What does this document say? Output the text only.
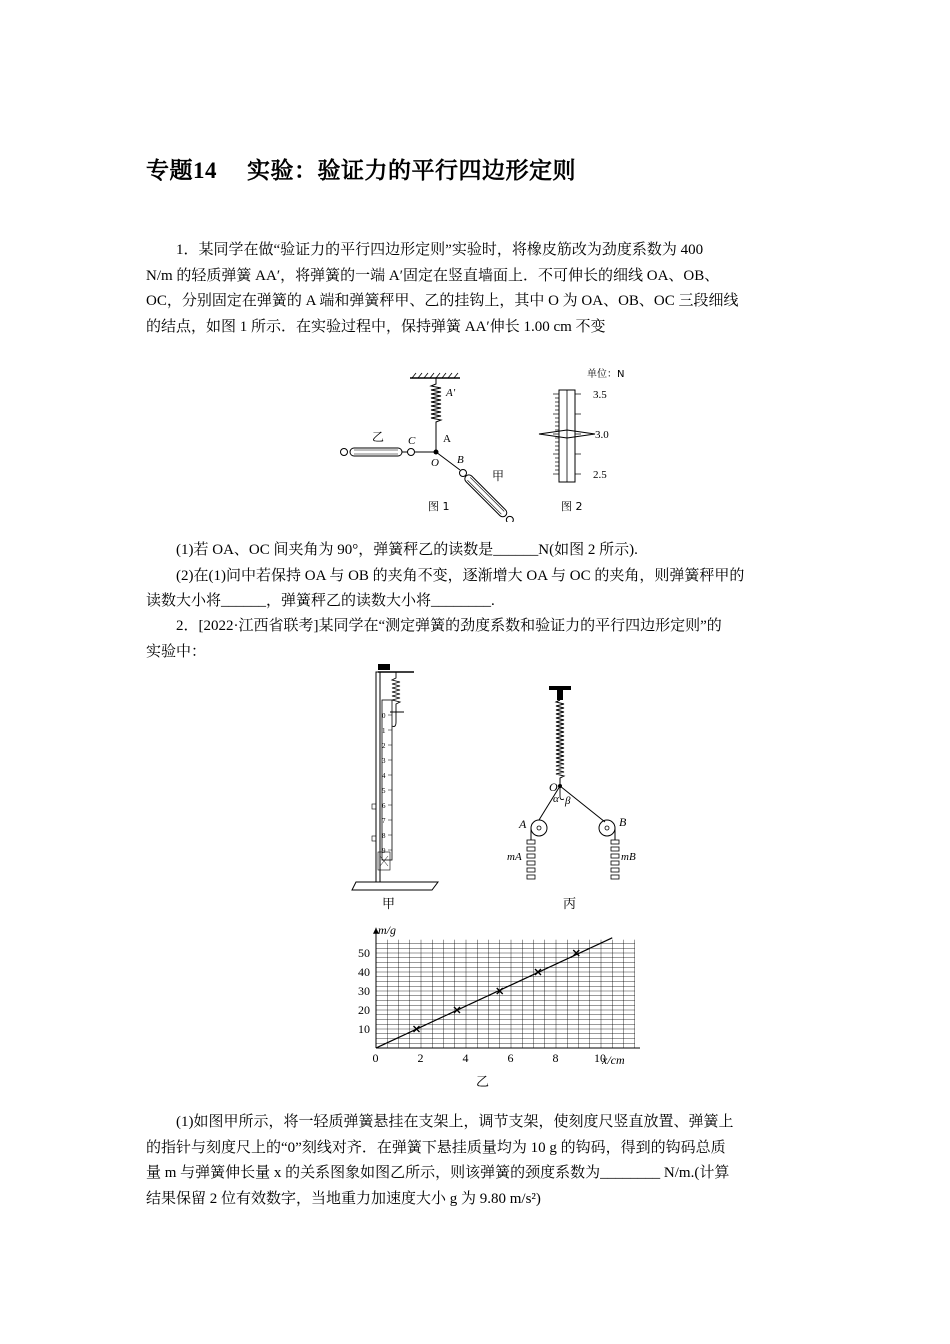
专题14 实验：验证力的平行四边形定则

1．某同学在做“验证力的平行四边形定则”实验时，将橡皮筋改为劲度系数为 400

N/m 的轻质弹簧 AA′，将弹簧的一端 A′固定在竖直墙面上．不可伸长的细线 OA、OB、

OC，分别固定在弹簧的 A 端和弹簧秤甲、乙的挂钩上，其中 O 为 OA、OB、OC 三段细线

的结点，如图 1 所示．在实验过程中，保持弹簧 AA′伸长 1.00 cm 不变

A′
A
O
C
乙
B
甲
图 1
单位：N
3.5
3.0
2.5
图 2

(1)若 OA、OC 间夹角为 90°，弹簧秤乙的读数是______N(如图 2 所示).

(2)在(1)问中若保持 OA 与 OB 的夹角不变，逐渐增大 OA 与 OC 的夹角，则弹簧秤甲的

读数大小将______，弹簧秤乙的读数大小将________.

2．[2022·江西省联考]某同学在“测定弹簧的劲度系数和验证力的平行四边形定则”的

实验中：

0
1
2
3
4
5
6
7
8
9
甲
O
α β
A	B
mA	mB
丙
0	2	4	6	8	10
10
20
30
40
50
m/g
x/cm
乙

(1)如图甲所示，将一轻质弹簧悬挂在支架上，调节支架，使刻度尺竖直放置、弹簧上

的指针与刻度尺上的“0”刻线对齐．在弹簧下悬挂质量均为 10 g 的钩码，得到的钩码总质

量 m 与弹簧伸长量 x 的关系图象如图乙所示，则该弹簧的颈度系数为________ N/m.(计算

结果保留 2 位有效数字，当地重力加速度大小 g 为 9.80 m/s²)
